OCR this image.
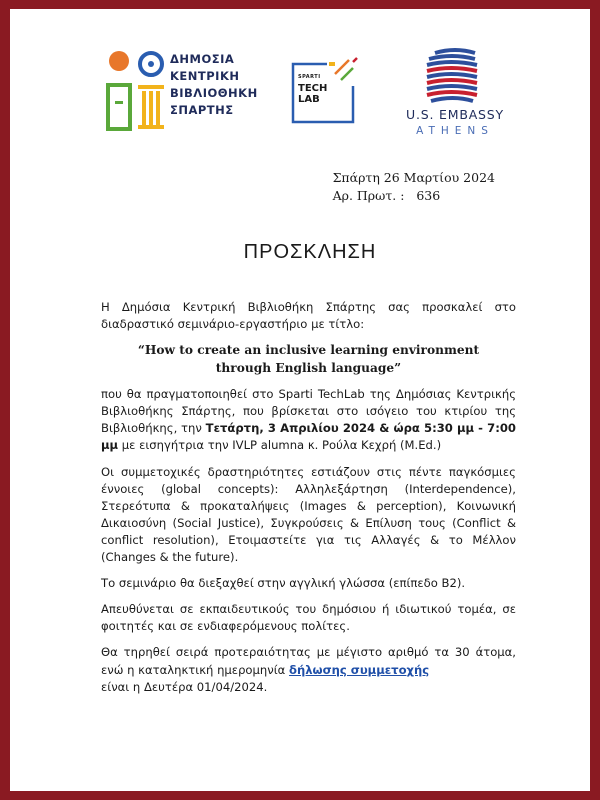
ΔΗΜΟΣΙΑ
ΚΕΝΤΡΙΚΗ
ΒΙΒΛΙΟΘΗΚΗ
ΣΠΑΡΤΗΣ
SPARTI
TECH
LAB
U.S. EMBASSY
ATHENS
Σπάρτη 26 Μαρτίου 2024
Αρ. Πρωτ. : 636
ΠΡΟΣΚΛΗΣΗ

Η Δημόσια Κεντρική Βιβλιοθήκη Σπάρτης σας προσκαλεί στο διαδραστικό σεμινάριο-εργαστήριο με τίτλο:

“How to create an inclusive learning environment
through English language”

που θα πραγματοποιηθεί στο Sparti TechLab της Δημόσιας Κεντρικής Βιβλιοθήκης Σπάρτης, που βρίσκεται στο ισόγειο του κτιρίου της Βιβλιοθήκης, την Τετάρτη, 3 Απριλίου 2024 & ώρα 5:30 μμ - 7:00 μμ με εισηγήτρια την IVLP alumna κ. Ρούλα Κεχρή (M.Ed.)

Οι συμμετοχικές δραστηριότητες εστιάζουν στις πέντε παγκόσμιες έννοιες (global concepts): Αλληλεξάρτηση (Interdependence), Στερεότυπα & προκαταλήψεις (Images & perception), Κοινωνική Δικαιοσύνη (Social Justice), Συγκρούσεις & Επίλυση τους (Conflict & conflict resolution), Ετοιμαστείτε για τις Αλλαγές & το Μέλλον (Changes & the future).

Το σεμινάριο θα διεξαχθεί στην αγγλική γλώσσα (επίπεδο Β2).

Απευθύνεται σε εκπαιδευτικούς του δημόσιου ή ιδιωτικού τομέα, σε φοιτητές και σε ενδιαφερόμενους πολίτες.

Θα τηρηθεί σειρά προτεραιότητας με μέγιστο αριθμό τα 30 άτομα, ενώ η καταληκτική ημερομηνία δήλωσης συμμετοχής
είναι η Δευτέρα 01/04/2024.
